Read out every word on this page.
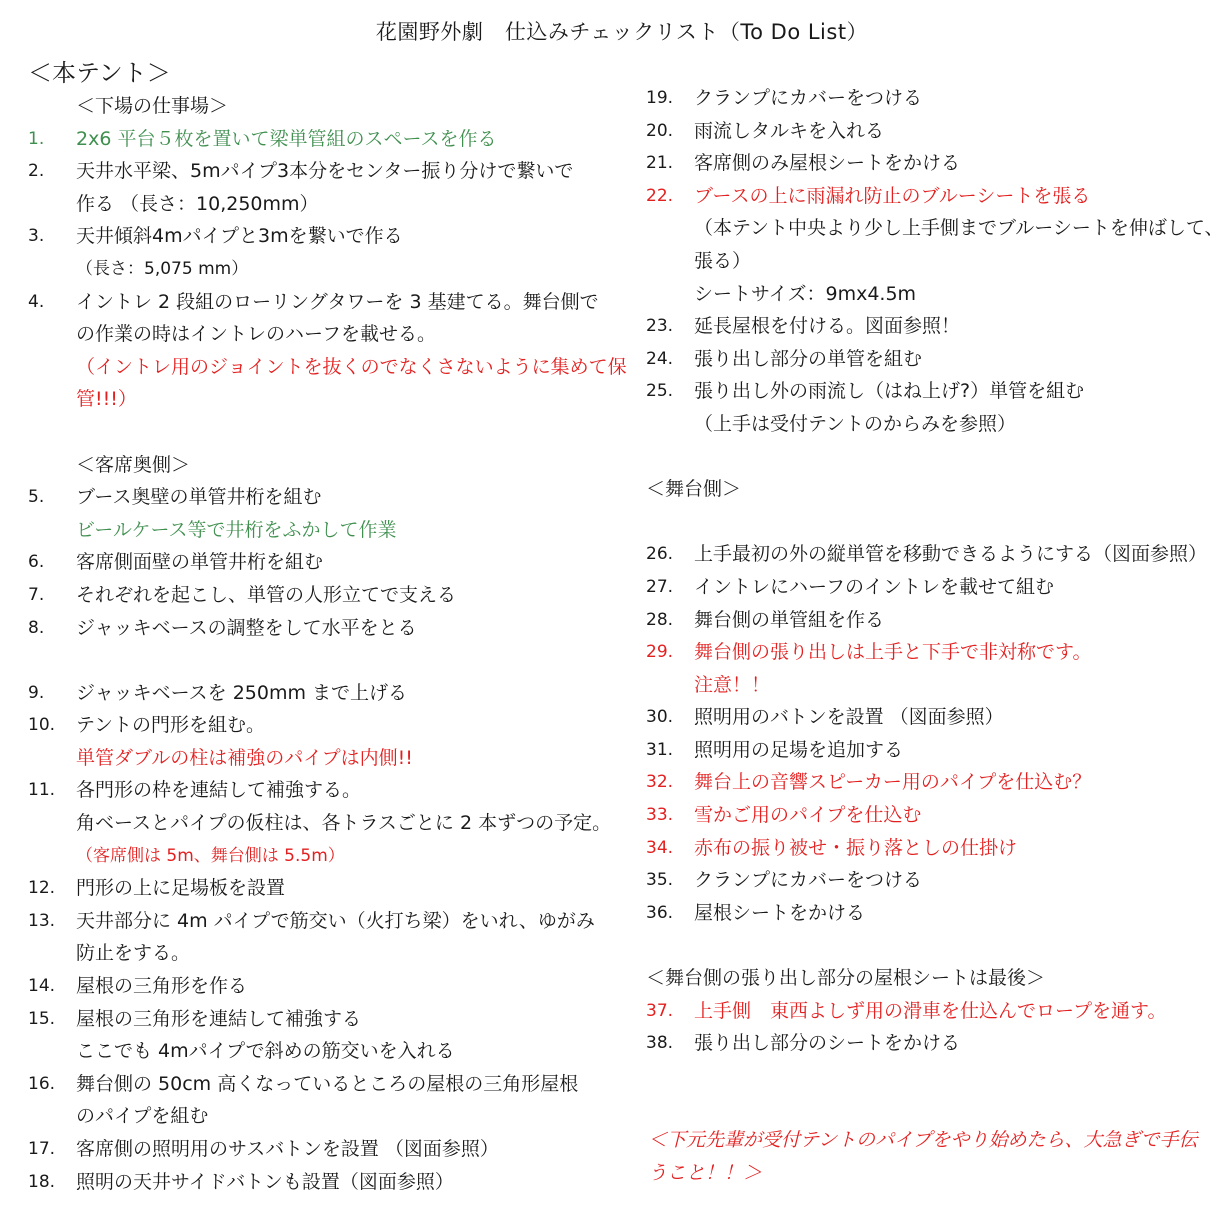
花園野外劇　仕込みチェックリスト（To Do List）
＜本テント＞
＜下場の仕事場＞
1.	2x6 平台５枚を置いて梁単管組のスペースを作る
2.	天井水平梁、5mパイプ3本分をセンター振り分けで繋いで
作る （長さ：10,250mm）
3.	天井傾斜4mパイプと3mを繋いで作る
（長さ：5,075 mm）
4.	イントレ 2 段組のローリングタワーを 3 基建てる。舞台側で
の作業の時はイントレのハーフを載せる。
（イントレ用のジョイントを抜くのでなくさないように集めて保
管!!!）
＜客席奥側＞
5.	ブース奥壁の単管井桁を組む
ビールケース等で井桁をふかして作業
6.	客席側面壁の単管井桁を組む
7.	それぞれを起こし、単管の人形立てで支える
8.	ジャッキベースの調整をして水平をとる
9.	ジャッキベースを 250mm まで上げる
10.	テントの門形を組む。
単管ダブルの柱は補強のパイプは内側!!
11.	各門形の枠を連結して補強する。
角ベースとパイプの仮柱は、各トラスごとに 2 本ずつの予定。
（客席側は 5m、舞台側は 5.5m）
12.	門形の上に足場板を設置
13.	天井部分に 4m パイプで筋交い（火打ち梁）をいれ、ゆがみ
防止をする。
14.	屋根の三角形を作る
15.	屋根の三角形を連結して補強する
ここでも 4mパイプで斜めの筋交いを入れる
16.	舞台側の 50cm 高くなっているところの屋根の三角形屋根
のパイプを組む
17.	客席側の照明用のサスバトンを設置 （図面参照）
18.	照明の天井サイドバトンも設置（図面参照）
19.	クランプにカバーをつける
20.	雨流しタルキを入れる
21.	客席側のみ屋根シートをかける
22.	ブースの上に雨漏れ防止のブルーシートを張る
（本テント中央より少し上手側までブルーシートを伸ばして、
張る）
シートサイズ：9mx4.5m
23.	延長屋根を付ける。図面参照！
24.	張り出し部分の単管を組む
25.	張り出し外の雨流し（はね上げ?）単管を組む
（上手は受付テントのからみを参照）
＜舞台側＞
26.	上手最初の外の縦単管を移動できるようにする（図面参照）
27.	イントレにハーフのイントレを載せて組む
28.	舞台側の単管組を作る
29.	舞台側の張り出しは上手と下手で非対称です。
注意！！
30.	照明用のバトンを設置 （図面参照）
31.	照明用の足場を追加する
32.	舞台上の音響スピーカー用のパイプを仕込む？
33.	雪かご用のパイプを仕込む
34.	赤布の振り被せ・振り落としの仕掛け
35.	クランプにカバーをつける
36.	屋根シートをかける
＜舞台側の張り出し部分の屋根シートは最後＞
37.	上手側　東西よしず用の滑車を仕込んでロープを通す。
38.	張り出し部分のシートをかける
＜下元先輩が受付テントのパイプをやり始めたら、大急ぎで手伝
うこと！！＞
